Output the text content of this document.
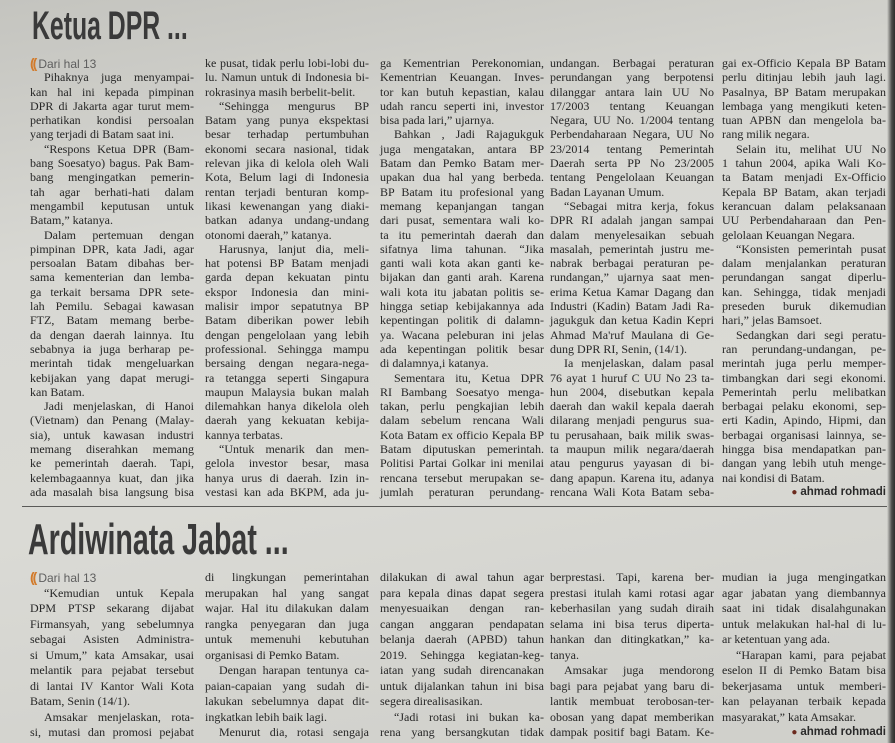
Ketua DPR ...
(( Dari hal 13
Pihaknya juga menyampai-
kan hal ini kepada pimpinan
DPR di Jakarta agar turut mem-
perhatikan kondisi persoalan
yang terjadi di Batam saat ini.
“Respons Ketua DPR (Bam-
bang Soesatyo) bagus. Pak Bam-
bang mengingatkan pemerin-
tah agar berhati-hati dalam
mengambil keputusan untuk
Batam,” katanya.
Dalam pertemuan dengan
pimpinan DPR, kata Jadi, agar
persoalan Batam dibahas ber-
sama kementerian dan lemba-
ga terkait bersama DPR sete-
lah Pemilu. Sebagai kawasan
FTZ, Batam memang berbe-
da dengan daerah lainnya. Itu
sebabnya ia juga berharap pe-
merintah tidak mengeluarkan
kebijakan yang dapat merugi-
kan Batam.
Jadi menjelaskan, di Hanoi
(Vietnam) dan Penang (Malay-
sia), untuk kawasan industri
memang diserahkan memang
ke pemerintah daerah. Tapi,
kelembagaannya kuat, dan jika
ada masalah bisa langsung bisa
ke pusat, tidak perlu lobi-lobi du-
lu. Namun untuk di Indonesia bi-
rokrasinya masih berbelit-belit.
“Sehingga mengurus BP
Batam yang punya ekspektasi
besar terhadap pertumbuhan
ekonomi secara nasional, tidak
relevan jika di kelola oleh Wali
Kota, Belum lagi di Indonesia
rentan terjadi benturan komp-
likasi kewenangan yang diaki-
batkan adanya undang-undang
otonomi daerah,” katanya.
Harusnya, lanjut dia, meli-
hat potensi BP Batam menjadi
garda depan kekuatan pintu
ekspor Indonesia dan mini-
malisir impor sepatutnya BP
Batam diberikan power lebih
dengan pengelolaan yang lebih
professional. Sehingga mampu
bersaing dengan negara-nega-
ra tetangga seperti Singapura
maupun Malaysia bukan malah
dilemahkan hanya dikelola oleh
daerah yang kekuatan kebija-
kannya terbatas.
“Untuk menarik dan men-
gelola investor besar, masa
hanya urus di daerah. Izin in-
vestasi kan ada BKPM, ada ju-
ga Kementrian Perekonomian,
Kementrian Keuangan. Inves-
tor kan butuh kepastian, kalau
udah rancu seperti ini, investor
bisa pada lari,” ujarnya.
Bahkan , Jadi Rajagukguk
juga mengatakan, antara BP
Batam dan Pemko Batam mer-
upakan dua hal yang berbeda.
BP Batam itu profesional yang
memang kepanjangan tangan
dari pusat, sementara wali ko-
ta itu pemerintah daerah dan
sifatnya lima tahunan. “Jika
ganti wali kota akan ganti ke-
bijakan dan ganti arah. Karena
wali kota itu jabatan politis se-
hingga setiap kebijakannya ada
kepentingan politik di dalamn-
ya. Wacana peleburan ini jelas
ada kepentingan politik besar
di dalamnya,i katanya.
Sementara itu, Ketua DPR
RI Bambang Soesatyo menga-
takan, perlu pengkajian lebih
dalam sebelum rencana Wali
Kota Batam ex officio Kepala BP
Batam diputuskan pemerintah.
Politisi Partai Golkar ini menilai
rencana tersebut merupakan se-
jumlah peraturan perundang-
undangan. Berbagai peraturan
perundangan yang berpotensi
dilanggar antara lain UU No
17/2003 tentang Keuangan
Negara, UU No. 1/2004 tentang
Perbendaharaan Negara, UU No
23/2014 tentang Pemerintah
Daerah serta PP No 23/2005
tentang Pengelolaan Keuangan
Badan Layanan Umum.
“Sebagai mitra kerja, fokus
DPR RI adalah jangan sampai
dalam menyelesaikan sebuah
masalah, pemerintah justru me-
nabrak berbagai peraturan pe-
rundangan,” ujarnya saat men-
erima Ketua Kamar Dagang dan
Industri (Kadin) Batam Jadi Ra-
jagukguk dan ketua Kadin Kepri
Ahmad Ma'ruf Maulana di Ge-
dung DPR RI, Senin, (14/1).
Ia menjelaskan, dalam pasal
76 ayat 1 huruf C UU No 23 ta-
hun 2004, disebutkan kepala
daerah dan wakil kepala daerah
dilarang menjadi pengurus sua-
tu perusahaan, baik milik swas-
ta maupun milik negara/daerah
atau pengurus yayasan di bi-
dang apapun. Karena itu, adanya
rencana Wali Kota Batam seba-
gai ex-Officio Kepala BP Batam
perlu ditinjau lebih jauh lagi.
Pasalnya, BP Batam merupakan
lembaga yang mengikuti keten-
tuan APBN dan mengelola ba-
rang milik negara.
Selain itu, melihat UU No
1 tahun 2004, apika Wali Ko-
ta Batam menjadi Ex-Officio
Kepala BP Batam, akan terjadi
kerancuan dalam pelaksanaan
UU Perbendaharaan dan Pen-
gelolaan Keuangan Negara.
“Konsisten pemerintah pusat
dalam menjalankan peraturan
perundangan sangat diperlu-
kan. Sehingga, tidak menjadi
preseden buruk dikemudian
hari,” jelas Bamsoet.
Sedangkan dari segi peratu-
ran perundang-undangan, pe-
merintah juga perlu memper-
timbangkan dari segi ekonomi.
Pemerintah perlu melibatkan
berbagai pelaku ekonomi, sep-
erti Kadin, Apindo, Hipmi, dan
berbagai organisasi lainnya, se-
hingga bisa mendapatkan pan-
dangan yang lebih utuh menge-
nai kondisi di Batam.
● ahmad rohmadi
Ardiwinata Jabat ...
(( Dari hal 13
“Kemudian untuk Kepala
DPM PTSP sekarang dijabat
Firmansyah, yang sebelumnya
sebagai Asisten Administra-
si Umum,” kata Amsakar, usai
melantik para pejabat tersebut
di lantai IV Kantor Wali Kota
Batam, Senin (14/1).
Amsakar menjelaskan, rota-
si, mutasi dan promosi pejabat
di lingkungan pemerintahan
merupakan hal yang sangat
wajar. Hal itu dilakukan dalam
rangka penyegaran dan juga
untuk memenuhi kebutuhan
organisasi di Pemko Batam.
Dengan harapan tentunya ca-
paian-capaian yang sudah di-
lakukan sebelumnya dapat dit-
ingkatkan lebih baik lagi.
Menurut dia, rotasi sengaja
dilakukan di awal tahun agar
para kepala dinas dapat segera
menyesuaikan dengan ran-
cangan anggaran pendapatan
belanja daerah (APBD) tahun
2019. Sehingga kegiatan-keg-
iatan yang sudah direncanakan
untuk dijalankan tahun ini bisa
segera direalisasikan.
“Jadi rotasi ini bukan ka-
rena yang bersangkutan tidak
berprestasi. Tapi, karena ber-
prestasi itulah kami rotasi agar
keberhasilan yang sudah diraih
selama ini bisa terus diperta-
hankan dan ditingkatkan,” ka-
tanya.
Amsakar juga mendorong
bagi para pejabat yang baru di-
lantik membuat terobosan-ter-
obosan yang dapat memberikan
dampak positif bagi Batam. Ke-
mudian ia juga mengingatkan
agar jabatan yang diembannya
saat ini tidak disalahgunakan
untuk melakukan hal-hal di lu-
ar ketentuan yang ada.
“Harapan kami, para pejabat
eselon II di Pemko Batam bisa
bekerjasama untuk memberi-
kan pelayanan terbaik kepada
masyarakat,” kata Amsakar.
● ahmad rohmadi
